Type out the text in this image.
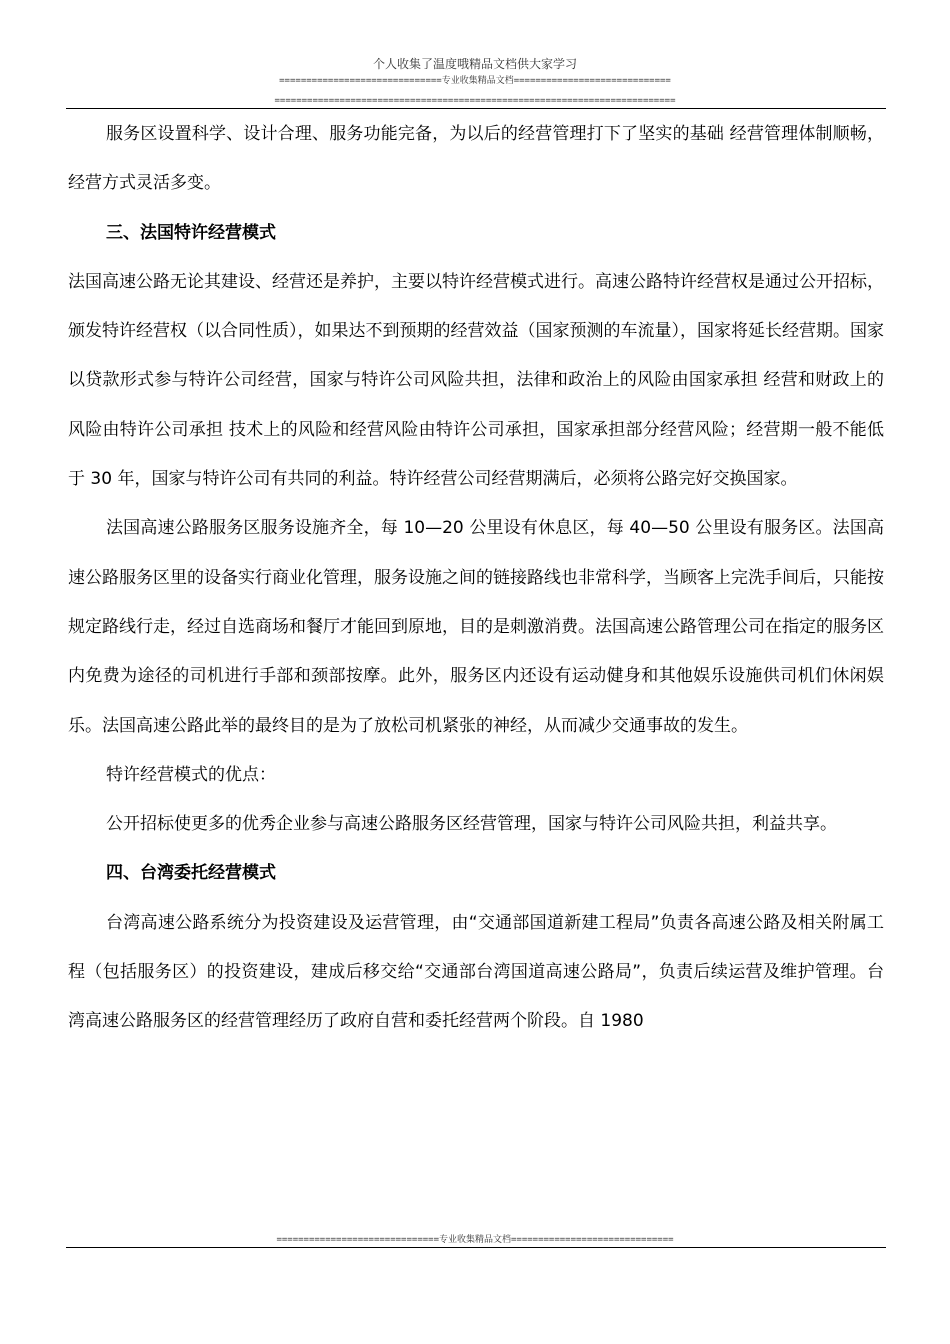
个人收集了温度哦精品文档供大家学习
==============================专业收集精品文档=============================
==========================================================================

服务区设置科学、设计合理、服务功能完备，为以后的经营管理打下了坚实的基础 经营管理体制顺畅，经营方式灵活多变。

三、法国特许经营模式

法国高速公路无论其建设、经营还是养护，主要以特许经营模式进行。高速公路特许经营权是通过公开招标，颁发特许经营权（以合同性质），如果达不到预期的经营效益（国家预测的车流量），国家将延长经营期。国家以贷款形式参与特许公司经营，国家与特许公司风险共担，法律和政治上的风险由国家承担 经营和财政上的风险由特许公司承担 技术上的风险和经营风险由特许公司承担，国家承担部分经营风险；经营期一般不能低于 30 年，国家与特许公司有共同的利益。特许经营公司经营期满后，必须将公路完好交换国家。

法国高速公路服务区服务设施齐全，每 10—20 公里设有休息区，每 40—50 公里设有服务区。法国高速公路服务区里的设备实行商业化管理，服务设施之间的链接路线也非常科学，当顾客上完洗手间后，只能按规定路线行走，经过自选商场和餐厅才能回到原地，目的是刺激消费。法国高速公路管理公司在指定的服务区内免费为途径的司机进行手部和颈部按摩。此外，服务区内还设有运动健身和其他娱乐设施供司机们休闲娱乐。法国高速公路此举的最终目的是为了放松司机紧张的神经，从而减少交通事故的发生。

特许经营模式的优点：

公开招标使更多的优秀企业参与高速公路服务区经营管理，国家与特许公司风险共担，利益共享。

四、台湾委托经营模式

台湾高速公路系统分为投资建设及运营管理，由“交通部国道新建工程局”负责各高速公路及相关附属工程（包括服务区）的投资建设，建成后移交给“交通部台湾国道高速公路局”，负责后续运营及维护管理。台湾高速公路服务区的经营管理经历了政府自营和委托经营两个阶段。自 1980

==============================专业收集精品文档==============================
